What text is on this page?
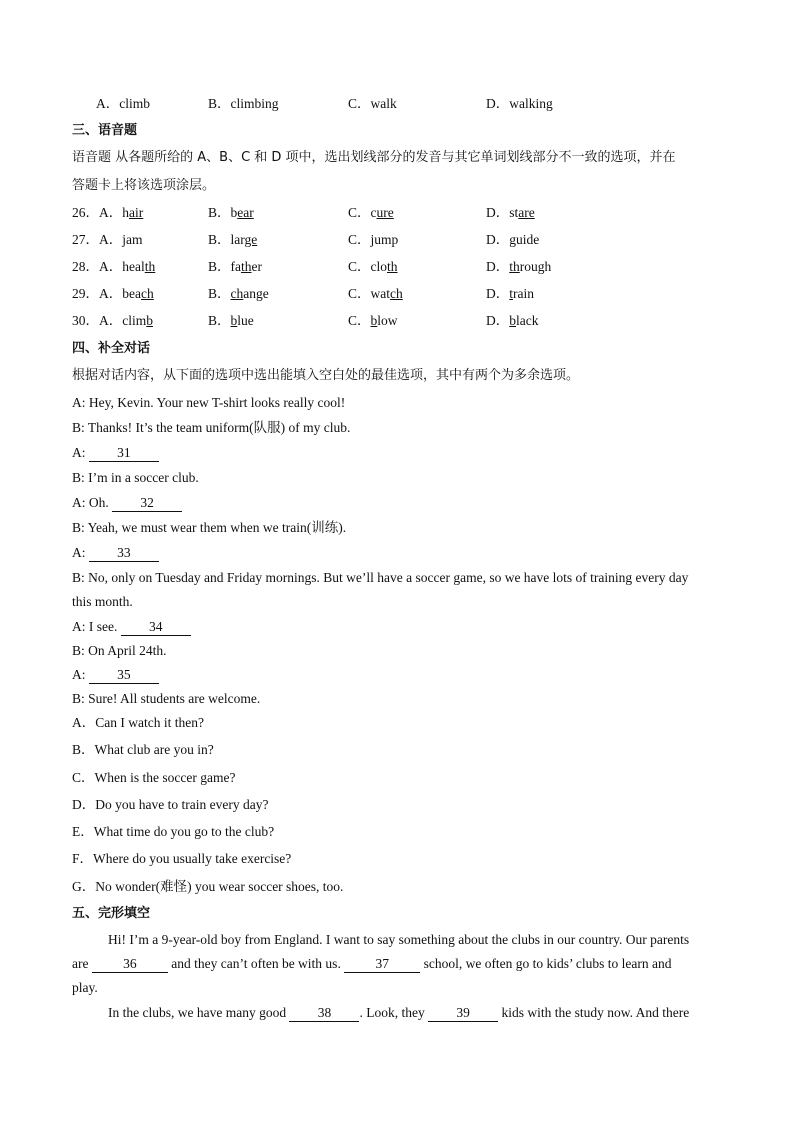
A．climb	B．climbing	C．walk	D．walking
三、语音题
语音题 从各题所给的 A、B、C 和 D 项中，选出划线部分的发音与其它单词划线部分不一致的选项，并在
答题卡上将该选项涂层。
26．A．hair	B．bear	C．cure	D．stare
27．A．jam	B．large	C．jump	D．guide
28．A．health	B．father	C．cloth	D．through
29．A．beach	B．change	C．watch	D．train
30．A．climb	B．blue	C．blow	D．black
四、补全对话
根据对话内容，从下面的选项中选出能填入空白处的最佳选项，其中有两个为多余选项。
A: Hey, Kevin. Your new T-shirt looks really cool!
B: Thanks! It’s the team uniform(队服) of my club.
A: 31
B: I’m in a soccer club.
A: Oh. 32
B: Yeah, we must wear them when we train(训练).
A: 33
B: No, only on Tuesday and Friday mornings. But we’ll have a soccer game, so we have lots of training every day
this month.
A: I see. 34
B: On April 24th.
A: 35
B: Sure! All students are welcome.
A．Can I watch it then?
B．What club are you in?
C．When is the soccer game?
D．Do you have to train every day?
E．What time do you go to the club?
F．Where do you usually take exercise?
G．No wonder(难怪) you wear soccer shoes, too.
五、完形填空
Hi! I’m a 9-year-old boy from England. I want to say something about the clubs in our country. Our parents
are 36 and they can’t often be with us. 37 school, we often go to kids’ clubs to learn and
play.
In the clubs, we have many good 38 . Look, they 39 kids with the study now. And there
